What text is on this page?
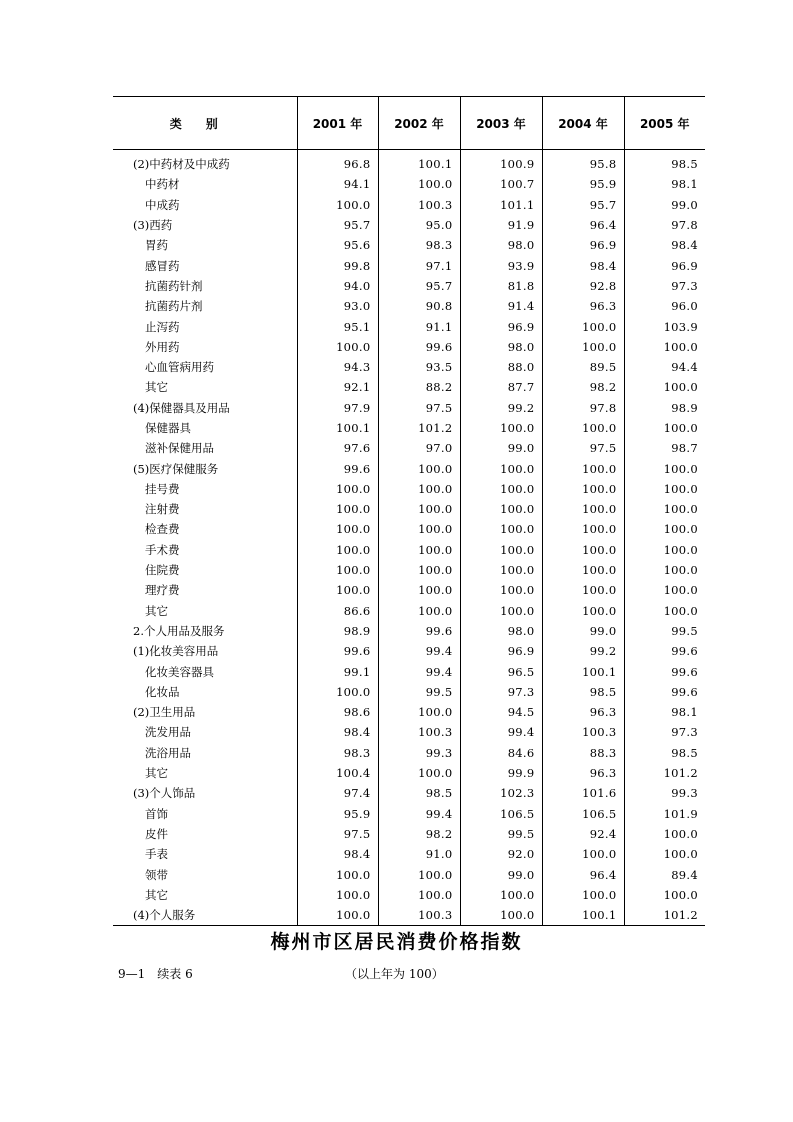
类　　别	2001 年	2002 年	2003 年	2004 年	2005 年
(2)中药材及中成药	96.8	100.1	100.9	95.8	98.5
中药材	94.1	100.0	100.7	95.9	98.1
中成药	100.0	100.3	101.1	95.7	99.0
(3)西药	95.7	95.0	91.9	96.4	97.8
胃药	95.6	98.3	98.0	96.9	98.4
感冒药	99.8	97.1	93.9	98.4	96.9
抗菌药针剂	94.0	95.7	81.8	92.8	97.3
抗菌药片剂	93.0	90.8	91.4	96.3	96.0
止泻药	95.1	91.1	96.9	100.0	103.9
外用药	100.0	99.6	98.0	100.0	100.0
心血管病用药	94.3	93.5	88.0	89.5	94.4
其它	92.1	88.2	87.7	98.2	100.0
(4)保健器具及用品	97.9	97.5	99.2	97.8	98.9
保健器具	100.1	101.2	100.0	100.0	100.0
滋补保健用品	97.6	97.0	99.0	97.5	98.7
(5)医疗保健服务	99.6	100.0	100.0	100.0	100.0
挂号费	100.0	100.0	100.0	100.0	100.0
注射费	100.0	100.0	100.0	100.0	100.0
检查费	100.0	100.0	100.0	100.0	100.0
手术费	100.0	100.0	100.0	100.0	100.0
住院费	100.0	100.0	100.0	100.0	100.0
理疗费	100.0	100.0	100.0	100.0	100.0
其它	86.6	100.0	100.0	100.0	100.0
2.个人用品及服务	98.9	99.6	98.0	99.0	99.5
(1)化妆美容用品	99.6	99.4	96.9	99.2	99.6
化妆美容器具	99.1	99.4	96.5	100.1	99.6
化妆品	100.0	99.5	97.3	98.5	99.6
(2)卫生用品	98.6	100.0	94.5	96.3	98.1
洗发用品	98.4	100.3	99.4	100.3	97.3
洗浴用品	98.3	99.3	84.6	88.3	98.5
其它	100.4	100.0	99.9	96.3	101.2
(3)个人饰品	97.4	98.5	102.3	101.6	99.3
首饰	95.9	99.4	106.5	106.5	101.9
皮件	97.5	98.2	99.5	92.4	100.0
手表	98.4	91.0	92.0	100.0	100.0
领带	100.0	100.0	99.0	96.4	89.4
其它	100.0	100.0	100.0	100.0	100.0
(4)个人服务	100.0	100.3	100.0	100.1	101.2
梅州市区居民消费价格指数
9—1　续表 6	（以上年为 100）
